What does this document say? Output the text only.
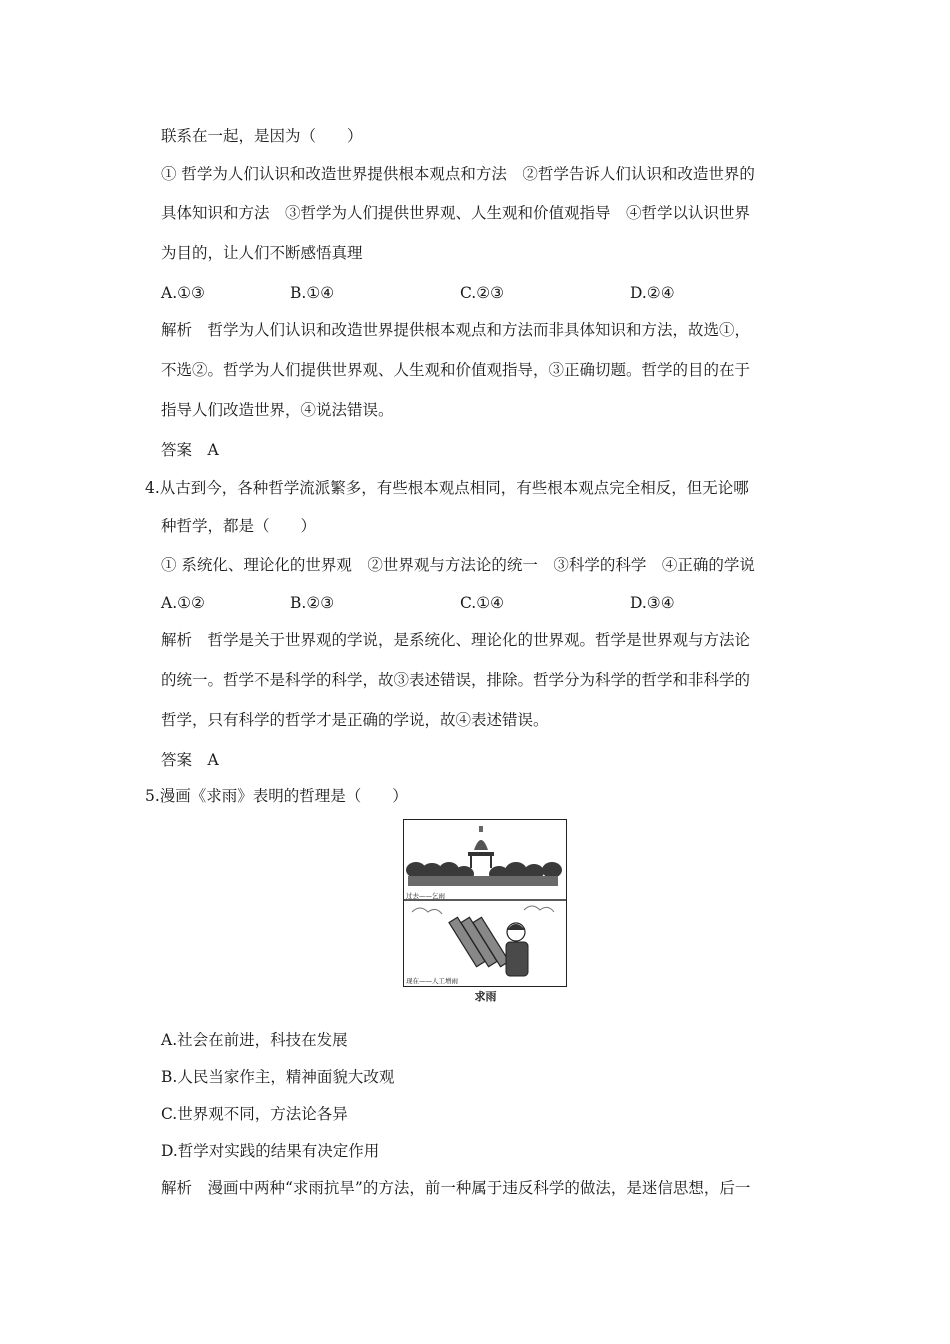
联系在一起，是因为（　　）
① 哲学为人们认识和改造世界提供根本观点和方法　②哲学告诉人们认识和改造世界的
具体知识和方法　③哲学为人们提供世界观、人生观和价值观指导　④哲学以认识世界
为目的，让人们不断感悟真理
A.①③	B.①④	C.②③	D.②④
解析　哲学为人们认识和改造世界提供根本观点和方法而非具体知识和方法，故选①，
不选②。哲学为人们提供世界观、人生观和价值观指导，③正确切题。哲学的目的在于
指导人们改造世界，④说法错误。
答案　A
4.从古到今，各种哲学流派繁多，有些根本观点相同，有些根本观点完全相反，但无论哪
种哲学，都是（　　）
① 系统化、理论化的世界观　②世界观与方法论的统一　③科学的科学　④正确的学说
A.①②	B.②③	C.①④	D.③④
解析　哲学是关于世界观的学说，是系统化、理论化的世界观。哲学是世界观与方法论
的统一。哲学不是科学的科学，故③表述错误，排除。哲学分为科学的哲学和非科学的
哲学，只有科学的哲学才是正确的学说，故④表述错误。
答案　A
5.漫画《求雨》表明的哲理是（　　）
过去——乞雨
现在——人工增雨
求雨
A.社会在前进，科技在发展
B.人民当家作主，精神面貌大改观
C.世界观不同，方法论各异
D.哲学对实践的结果有决定作用
解析　漫画中两种“求雨抗旱”的方法，前一种属于违反科学的做法，是迷信思想，后一
